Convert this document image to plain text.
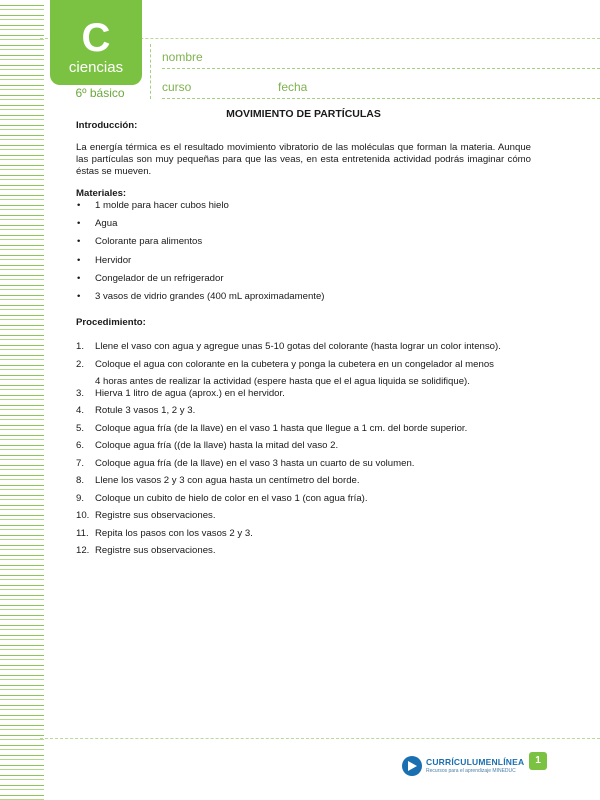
C
ciencias
6º básico
nombre
curso	fecha

MOVIMIENTO DE PARTÍCULAS

Introducción:

La energía térmica es el resultado movimiento vibratorio de las moléculas que forman la materia. Aunque las partículas son muy pequeñas para que las veas, en esta entretenida actividad podrás imaginar cómo éstas se mueven.

Materiales:

• 1 molde para hacer cubos hielo
• Agua
• Colorante para alimentos
• Hervidor
• Congelador de un refrigerador
• 3 vasos de vidrio grandes (400 mL aproximadamente)

Procedimiento:

1. Llene el vaso con agua y agregue unas 5-10 gotas del colorante (hasta lograr un color intenso).
2. Coloque el agua con colorante en la cubetera y ponga la cubetera en un congelador al menos
4 horas antes de realizar la actividad (espere hasta que el el agua liquida se solidifique).
3. Hierva 1 litro de agua (aprox.) en el hervidor.
4. Rotule 3 vasos 1, 2 y 3.
5. Coloque agua fría (de la llave) en el vaso 1 hasta que llegue a 1 cm. del borde superior.
6. Coloque agua fría ((de la llave) hasta la mitad del vaso 2.
7. Coloque agua fría (de la llave) en el vaso 3 hasta un cuarto de su volumen.
8. Llene los vasos 2 y 3 con agua hasta un centímetro del borde.
9. Coloque un cubito de hielo de color en el vaso 1 (con agua fría).
10. Registre sus observaciones.
11. Repita los pasos con los vasos 2 y 3.
12. Registre sus observaciones.
CURRÍCULUMENLÍNEA
Recursos para el aprendizaje MINEDUC
1
